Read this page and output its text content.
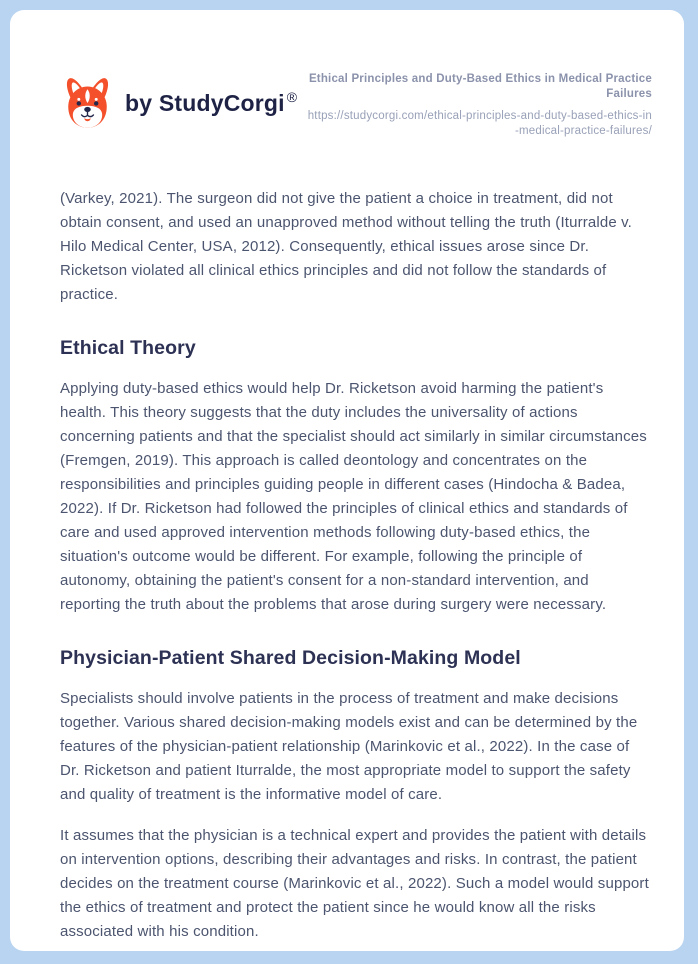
by StudyCorgi ®
Ethical Principles and Duty-Based Ethics in Medical Practice Failures
https://studycorgi.com/ethical-principles-and-duty-based-ethics-in-medical-practice-failures/

(Varkey, 2021). The surgeon did not give the patient a choice in treatment, did not obtain consent, and used an unapproved method without telling the truth (Iturralde v. Hilo Medical Center, USA, 2012). Consequently, ethical issues arose since Dr. Ricketson violated all clinical ethics principles and did not follow the standards of practice.

Ethical Theory

Applying duty-based ethics would help Dr. Ricketson avoid harming the patient's health. This theory suggests that the duty includes the universality of actions concerning patients and that the specialist should act similarly in similar circumstances (Fremgen, 2019). This approach is called deontology and concentrates on the responsibilities and principles guiding people in different cases (Hindocha & Badea, 2022). If Dr. Ricketson had followed the principles of clinical ethics and standards of care and used approved intervention methods following duty-based ethics, the situation's outcome would be different. For example, following the principle of autonomy, obtaining the patient's consent for a non-standard intervention, and reporting the truth about the problems that arose during surgery were necessary.

Physician-Patient Shared Decision-Making Model

Specialists should involve patients in the process of treatment and make decisions together. Various shared decision-making models exist and can be determined by the features of the physician-patient relationship (Marinkovic et al., 2022). In the case of Dr. Ricketson and patient Iturralde, the most appropriate model to support the safety and quality of treatment is the informative model of care.

It assumes that the physician is a technical expert and provides the patient with details on intervention options, describing their advantages and risks. In contrast, the patient decides on the treatment course (Marinkovic et al., 2022). Such a model would support the ethics of treatment and protect the patient since he would know all the risks associated with his condition.
